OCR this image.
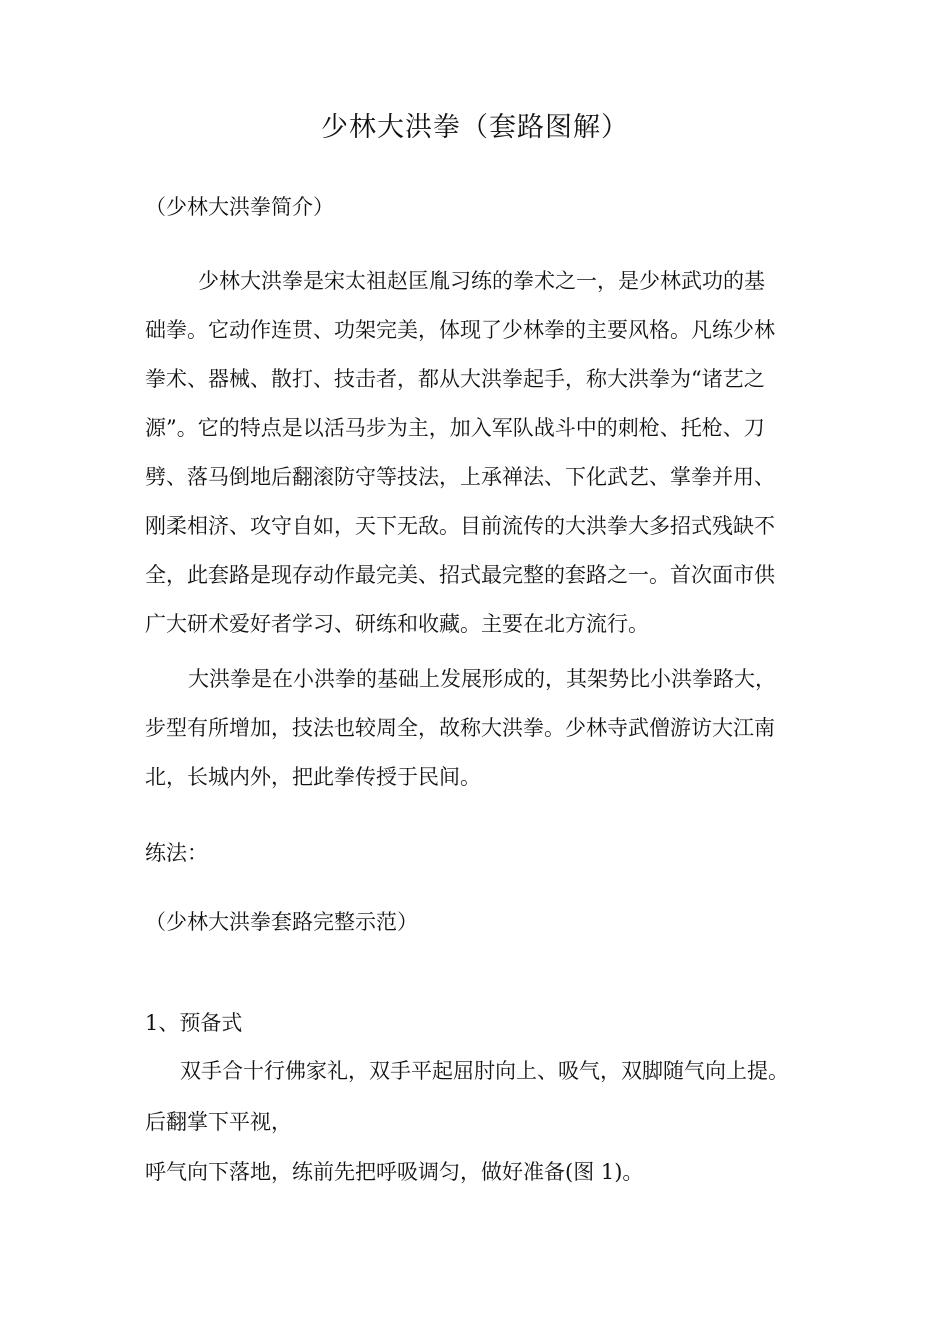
少林大洪拳（套路图解）
（少林大洪拳简介）
少林大洪拳是宋太祖赵匡胤习练的拳术之一，是少林武功的基
础拳。它动作连贯、功架完美，体现了少林拳的主要风格。凡练少林
拳术、器械、散打、技击者，都从大洪拳起手，称大洪拳为“诸艺之
源”。它的特点是以活马步为主，加入军队战斗中的刺枪、托枪、刀
劈、落马倒地后翻滚防守等技法，上承禅法、下化武艺、掌拳并用、
刚柔相济、攻守自如，天下无敌。目前流传的大洪拳大多招式残缺不
全，此套路是现存动作最完美、招式最完整的套路之一。首次面市供
广大研术爱好者学习、研练和收藏。主要在北方流行。
大洪拳是在小洪拳的基础上发展形成的，其架势比小洪拳路大，
步型有所增加，技法也较周全，故称大洪拳。少林寺武僧游访大江南
北，长城内外，把此拳传授于民间。
练法：
（少林大洪拳套路完整示范）
1、预备式
双手合十行佛家礼，双手平起屈肘向上、吸气，双脚随气向上提。
后翻掌下平视，
呼气向下落地，练前先把呼吸调匀，做好准备(图 1)。
